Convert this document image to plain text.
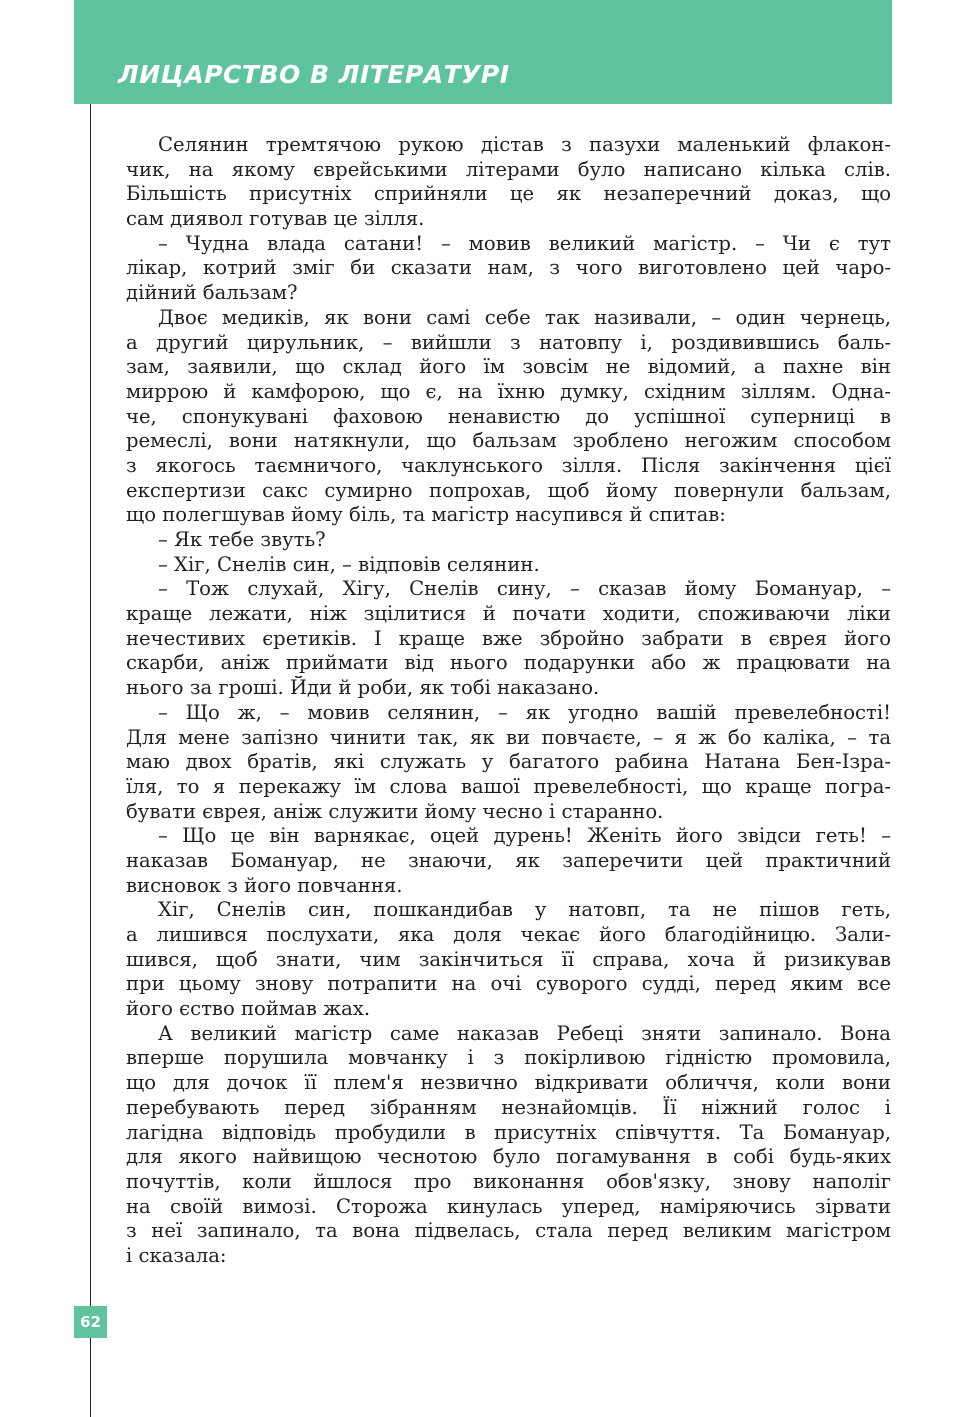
ЛИЦАРСТВО В ЛІТЕРАТУРІ
62
Селянин тремтячою рукою дістав з пазухи маленький флакон-
чик, на якому єврейськими літерами було написано кілька слів.
Більшість присутніх сприйняли це як незаперечний доказ, що
сам диявол готував це зілля.
– Чудна влада сатани! – мовив великий магістр. – Чи є тут
лікар, котрий зміг би сказати нам, з чого виготовлено цей чаро-
дійний бальзам?
Двоє медиків, як вони самі себе так називали, – один чернець,
а другий цирульник, – вийшли з натовпу і, роздивившись баль-
зам, заявили, що склад його їм зовсім не відомий, а пахне він
миррою й камфорою, що є, на їхню думку, східним зіллям. Одна-
че, спонукувані фаховою ненавистю до успішної суперниці в
ремеслі, вони натякнули, що бальзам зроблено негожим способом
з якогось таємничого, чаклунського зілля. Після закінчення цієї
експертизи сакс сумирно попрохав, щоб йому повернули бальзам,
що полегшував йому біль, та магістр насупився й спитав:
– Як тебе звуть?
– Хіг, Снелів син, – відповів селянин.
– Тож слухай, Хігу, Снелів сину, – сказав йому Бомануар, –
краще лежати, ніж зцілитися й почати ходити, споживаючи ліки
нечестивих єретиків. І краще вже збройно забрати в єврея його
скарби, аніж приймати від нього подарунки або ж працювати на
нього за гроші. Йди й роби, як тобі наказано.
– Що ж, – мовив селянин, – як угодно вашій превелебності!
Для мене запізно чинити так, як ви повчаєте, – я ж бо каліка, – та
маю двох братів, які служать у багатого рабина Натана Бен-Ізра-
їля, то я перекажу їм слова вашої превелебності, що краще погра-
бувати єврея, аніж служити йому чесно і старанно.
– Що це він варнякає, оцей дурень! Женіть його звідси геть! –
наказав Бомануар, не знаючи, як заперечити цей практичний
висновок з його повчання.
Хіг, Снелів син, пошкандибав у натовп, та не пішов геть,
а лишився послухати, яка доля чекає його благодійницю. Зали-
шився, щоб знати, чим закінчиться її справа, хоча й ризикував
при цьому знову потрапити на очі суворого судді, перед яким все
його єство поймав жах.
А великий магістр саме наказав Ребеці зняти запинало. Вона
вперше порушила мовчанку і з покірливою гідністю промовила,
що для дочок її плем'я незвично відкривати обличчя, коли вони
перебувають перед зібранням незнайомців. Її ніжний голос і
лагідна відповідь пробудили в присутніх співчуття. Та Бомануар,
для якого найвищою чеснотою було погамування в собі будь-яких
почуттів, коли йшлося про виконання обов'язку, знову наполіг
на своїй вимозі. Сторожа кинулась уперед, наміряючись зірвати
з неї запинало, та вона підвелась, стала перед великим магістром
і сказала:
